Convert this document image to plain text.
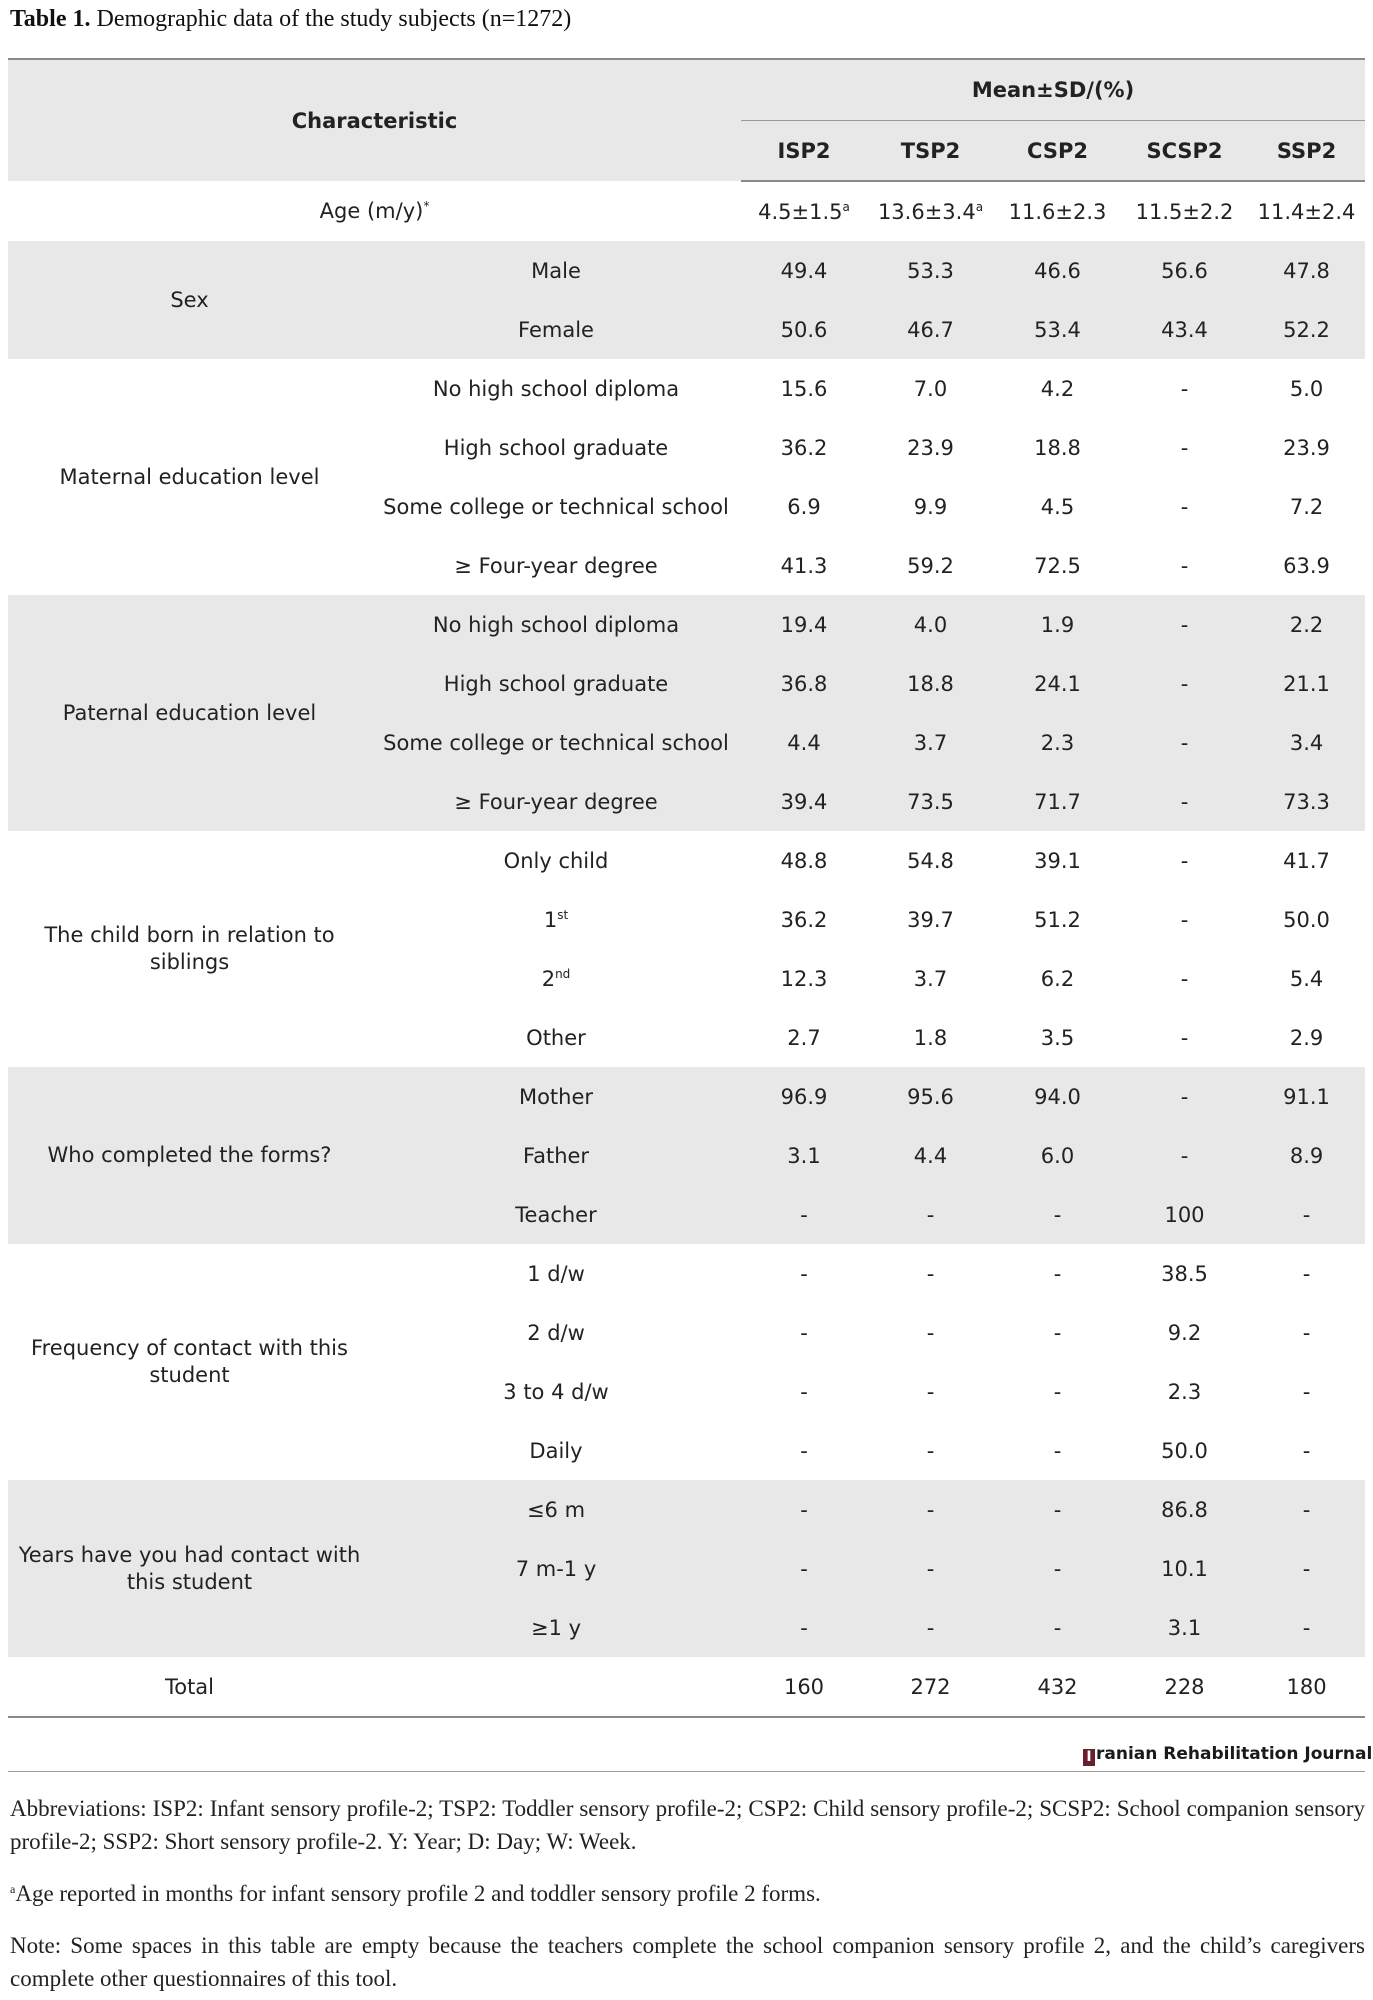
Table 1. Demographic data of the study subjects (n=1272)
Characteristic		Mean±SD/(%)				
		ISP2	TSP2	CSP2	SCSP2	SSP2
Age (m/y)*		4.5±1.5$^a$	13.6±3.4$^a$	11.6±2.3	11.5±2.2	11.4±2.4
Sex	Male	49.4	53.3	46.6	56.6	47.8
	Female	50.6	46.7	53.4	43.4	52.2
Maternal education level	No high school diploma	15.6	7.0	4.2	-	5.0
	High school graduate	36.2	23.9	18.8	-	23.9
	Some college or technical school	6.9	9.9	4.5	-	7.2
	≥ Four-year degree	41.3	59.2	72.5	-	63.9
Paternal education level	No high school diploma	19.4	4.0	1.9	-	2.2
	High school graduate	36.8	18.8	24.1	-	21.1
	Some college or technical school	4.4	3.7	2.3	-	3.4
	≥ Four-year degree	39.4	73.5	71.7	-	73.3
The child born in relation to siblings	Only child	48.8	54.8	39.1	-	41.7
	1st	36.2	39.7	51.2	-	50.0
	2nd	12.3	3.7	6.2	-	5.4
	Other	2.7	1.8	3.5	-	2.9
Who completed the forms?	Mother	96.9	95.6	94.0	-	91.1
	Father	3.1	4.4	6.0	-	8.9
	Teacher	-	-	-	100	-
Frequency of contact with this student	1 d/w	-	-	-	38.5	-
	2 d/w	-	-	-	9.2	-
	3 to 4 d/w	-	-	-	2.3	-
	Daily	-	-	-	50.0	-
Years have you had contact with this student	≤6 m	-	-	-	86.8	-
	7 m-1 y	-	-	-	10.1	-
	≥1 y	-	-	-	3.1	-
Total		160	272	432	228	180
I ranian Rehabilitation Journal
Abbreviations: ISP2: Infant sensory profile-2; TSP2: Toddler sensory profile-2; CSP2: Child sensory profile-2; SCSP2: School companion sensory profile-2; SSP2: Short sensory profile-2. Y: Year; D: Day; W: Week.
$^a$Age reported in months for infant sensory profile 2 and toddler sensory profile 2 forms.
Note: Some spaces in this table are empty because the teachers complete the school companion sensory profile 2, and the child’s caregivers complete other questionnaires of this tool.
